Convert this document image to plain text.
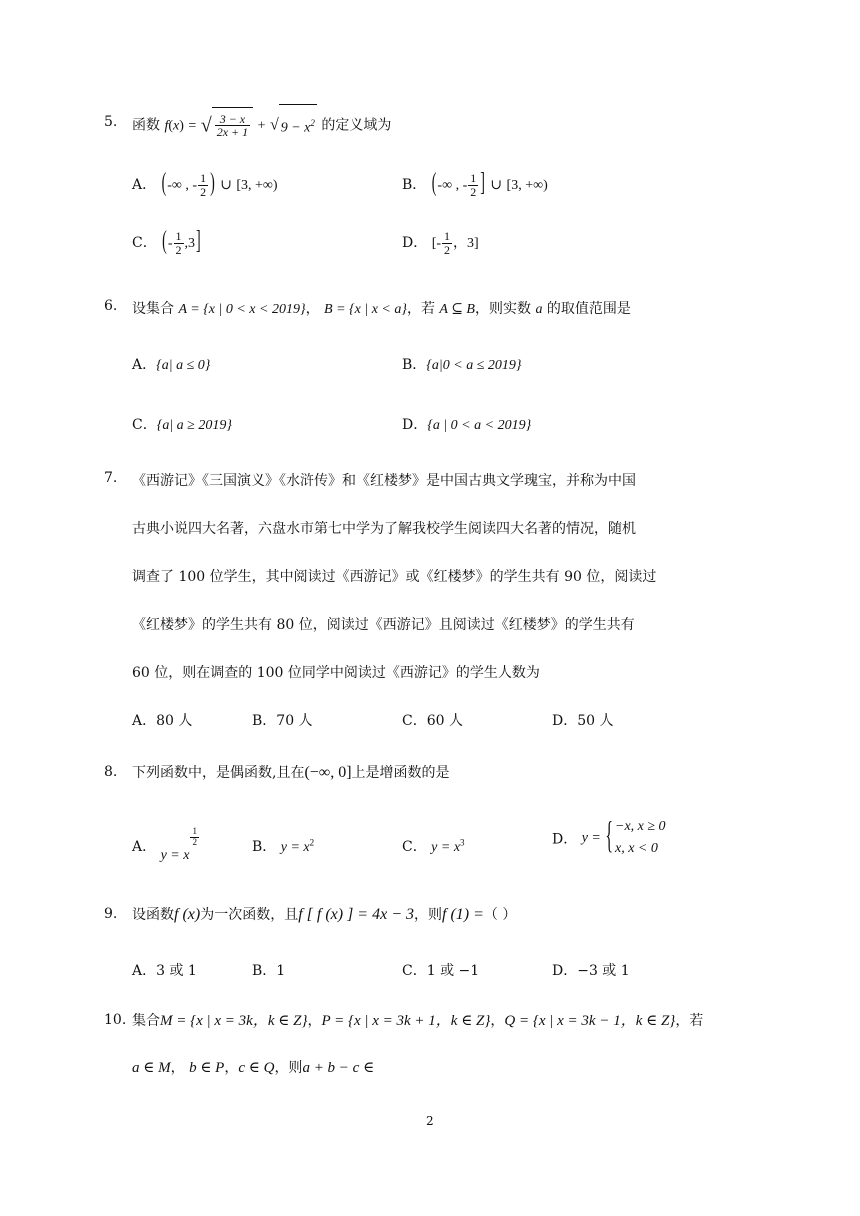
5. 函数 f(x) = √ $\frac{3 - x}{2x + 1}$ + √ $9 - x^2$ 的定义域为
A． (-∞ , - $\frac{1}{2}$ ) ∪ [3, +∞)	B． (-∞ , - $\frac{1}{2}$ ] ∪ [3, +∞)
C． (- $\frac{1}{2} ,3$]	D． [- $\frac{1}{2}$ ，3]
6. 设集合 A = {x | 0 < x < 2019}， B = {x | x < a}，若 A ⊆ B，则实数 a 的取值范围是
A．{a| a ≤ 0}	B．{a|0 < a ≤ 2019}
C．{a| a ≥ 2019}	D．{a | 0 < a < 2019}
7. 《西游记》《三国演义》《水浒传》和《红楼梦》是中国古典文学瑰宝，并称为中国
古典小说四大名著，六盘水市第七中学为了解我校学生阅读四大名著的情况，随机
调查了 100 位学生，其中阅读过《西游记》或《红楼梦》的学生共有 90 位，阅读过
《红楼梦》的学生共有 80 位，阅读过《西游记》且阅读过《红楼梦》的学生共有
60 位，则在调查的 100 位同学中阅读过《西游记》的学生人数为
A．80 人	B．70 人	C．60 人	D．50 人
8. 下列函数中，是偶函数,且在(−∞, 0]上是增函数的是
A． y = x
$\frac{1}{2}$
B． $y = x^2$	C． $y = x^3$	D． y = { −x, x ≥ 0
x, x < 0
9. 设函数f (x)为一次函数，且f [ f (x) ] = 4x − 3，则f (1) =（ ）
A．3 或 1	B．1	C．1 或 −1	D．−3 或 1
10. 集合M = {x | x = 3k，k ∈ Z}，P = {x | x = 3k + 1，k ∈ Z}，Q = {x | x = 3k − 1，k ∈ Z}，若
a ∈ M， b ∈ P，c ∈ Q，则a + b − c ∈
2
